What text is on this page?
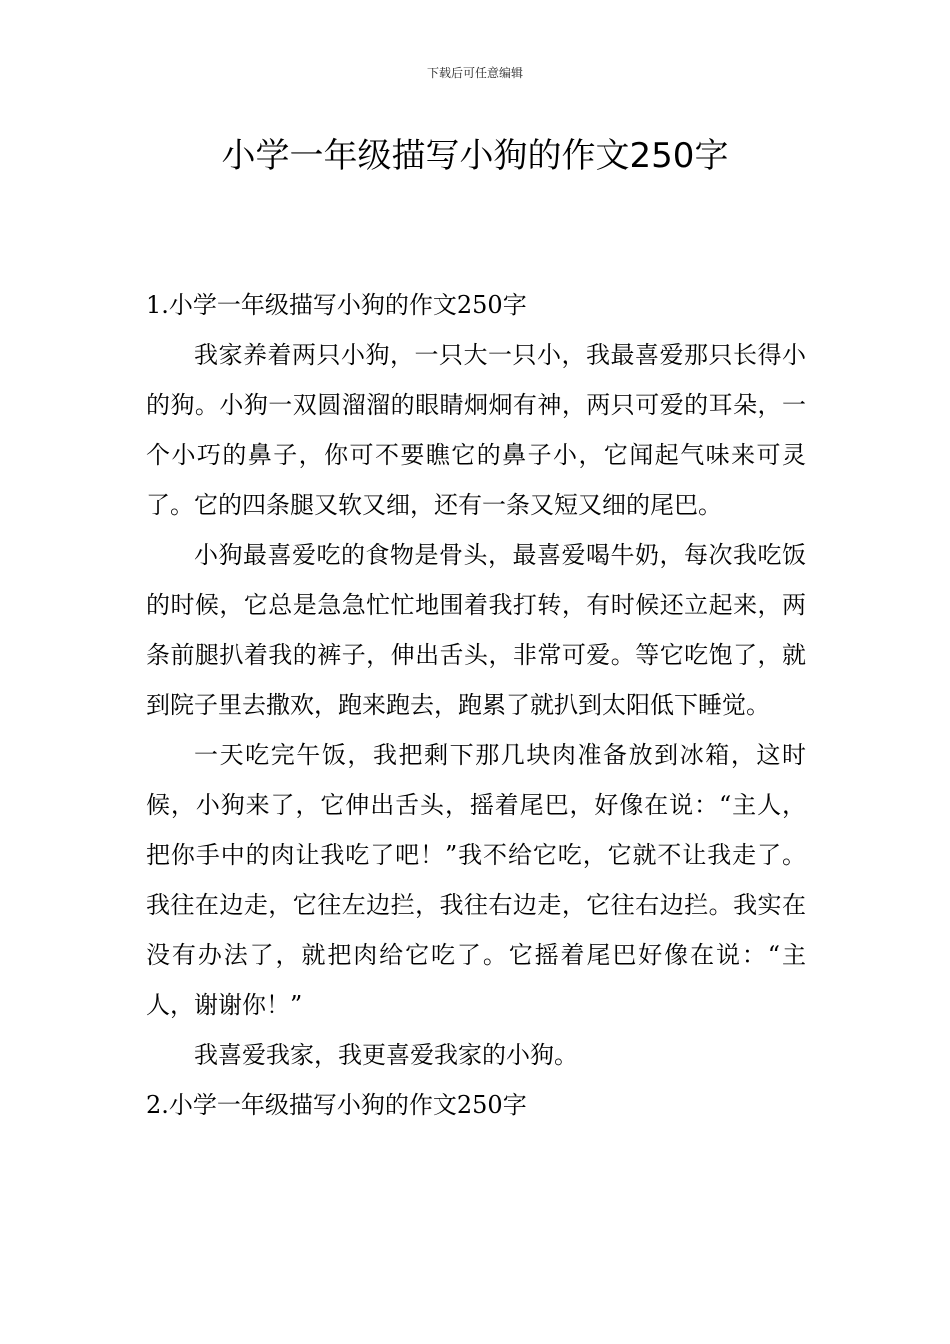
下载后可任意编辑
小学一年级描写小狗的作文250字
1.小学一年级描写小狗的作文250字

我家养着两只小狗，一只大一只小，我最喜爱那只长得小的狗。小狗一双圆溜溜的眼睛炯炯有神，两只可爱的耳朵，一个小巧的鼻子，你可不要瞧它的鼻子小，它闻起气味来可灵了。它的四条腿又软又细，还有一条又短又细的尾巴。

小狗最喜爱吃的食物是骨头，最喜爱喝牛奶，每次我吃饭的时候，它总是急急忙忙地围着我打转，有时候还立起来，两条前腿扒着我的裤子，伸出舌头，非常可爱。等它吃饱了，就到院子里去撒欢，跑来跑去，跑累了就扒到太阳低下睡觉。

一天吃完午饭，我把剩下那几块肉准备放到冰箱，这时候，小狗来了，它伸出舌头，摇着尾巴，好像在说：“主人，把你手中的肉让我吃了吧！”我不给它吃，它就不让我走了。我往在边走，它往左边拦，我往右边走，它往右边拦。我实在没有办法了，就把肉给它吃了。它摇着尾巴好像在说：“主人，谢谢你！”

我喜爱我家，我更喜爱我家的小狗。

2.小学一年级描写小狗的作文250字
